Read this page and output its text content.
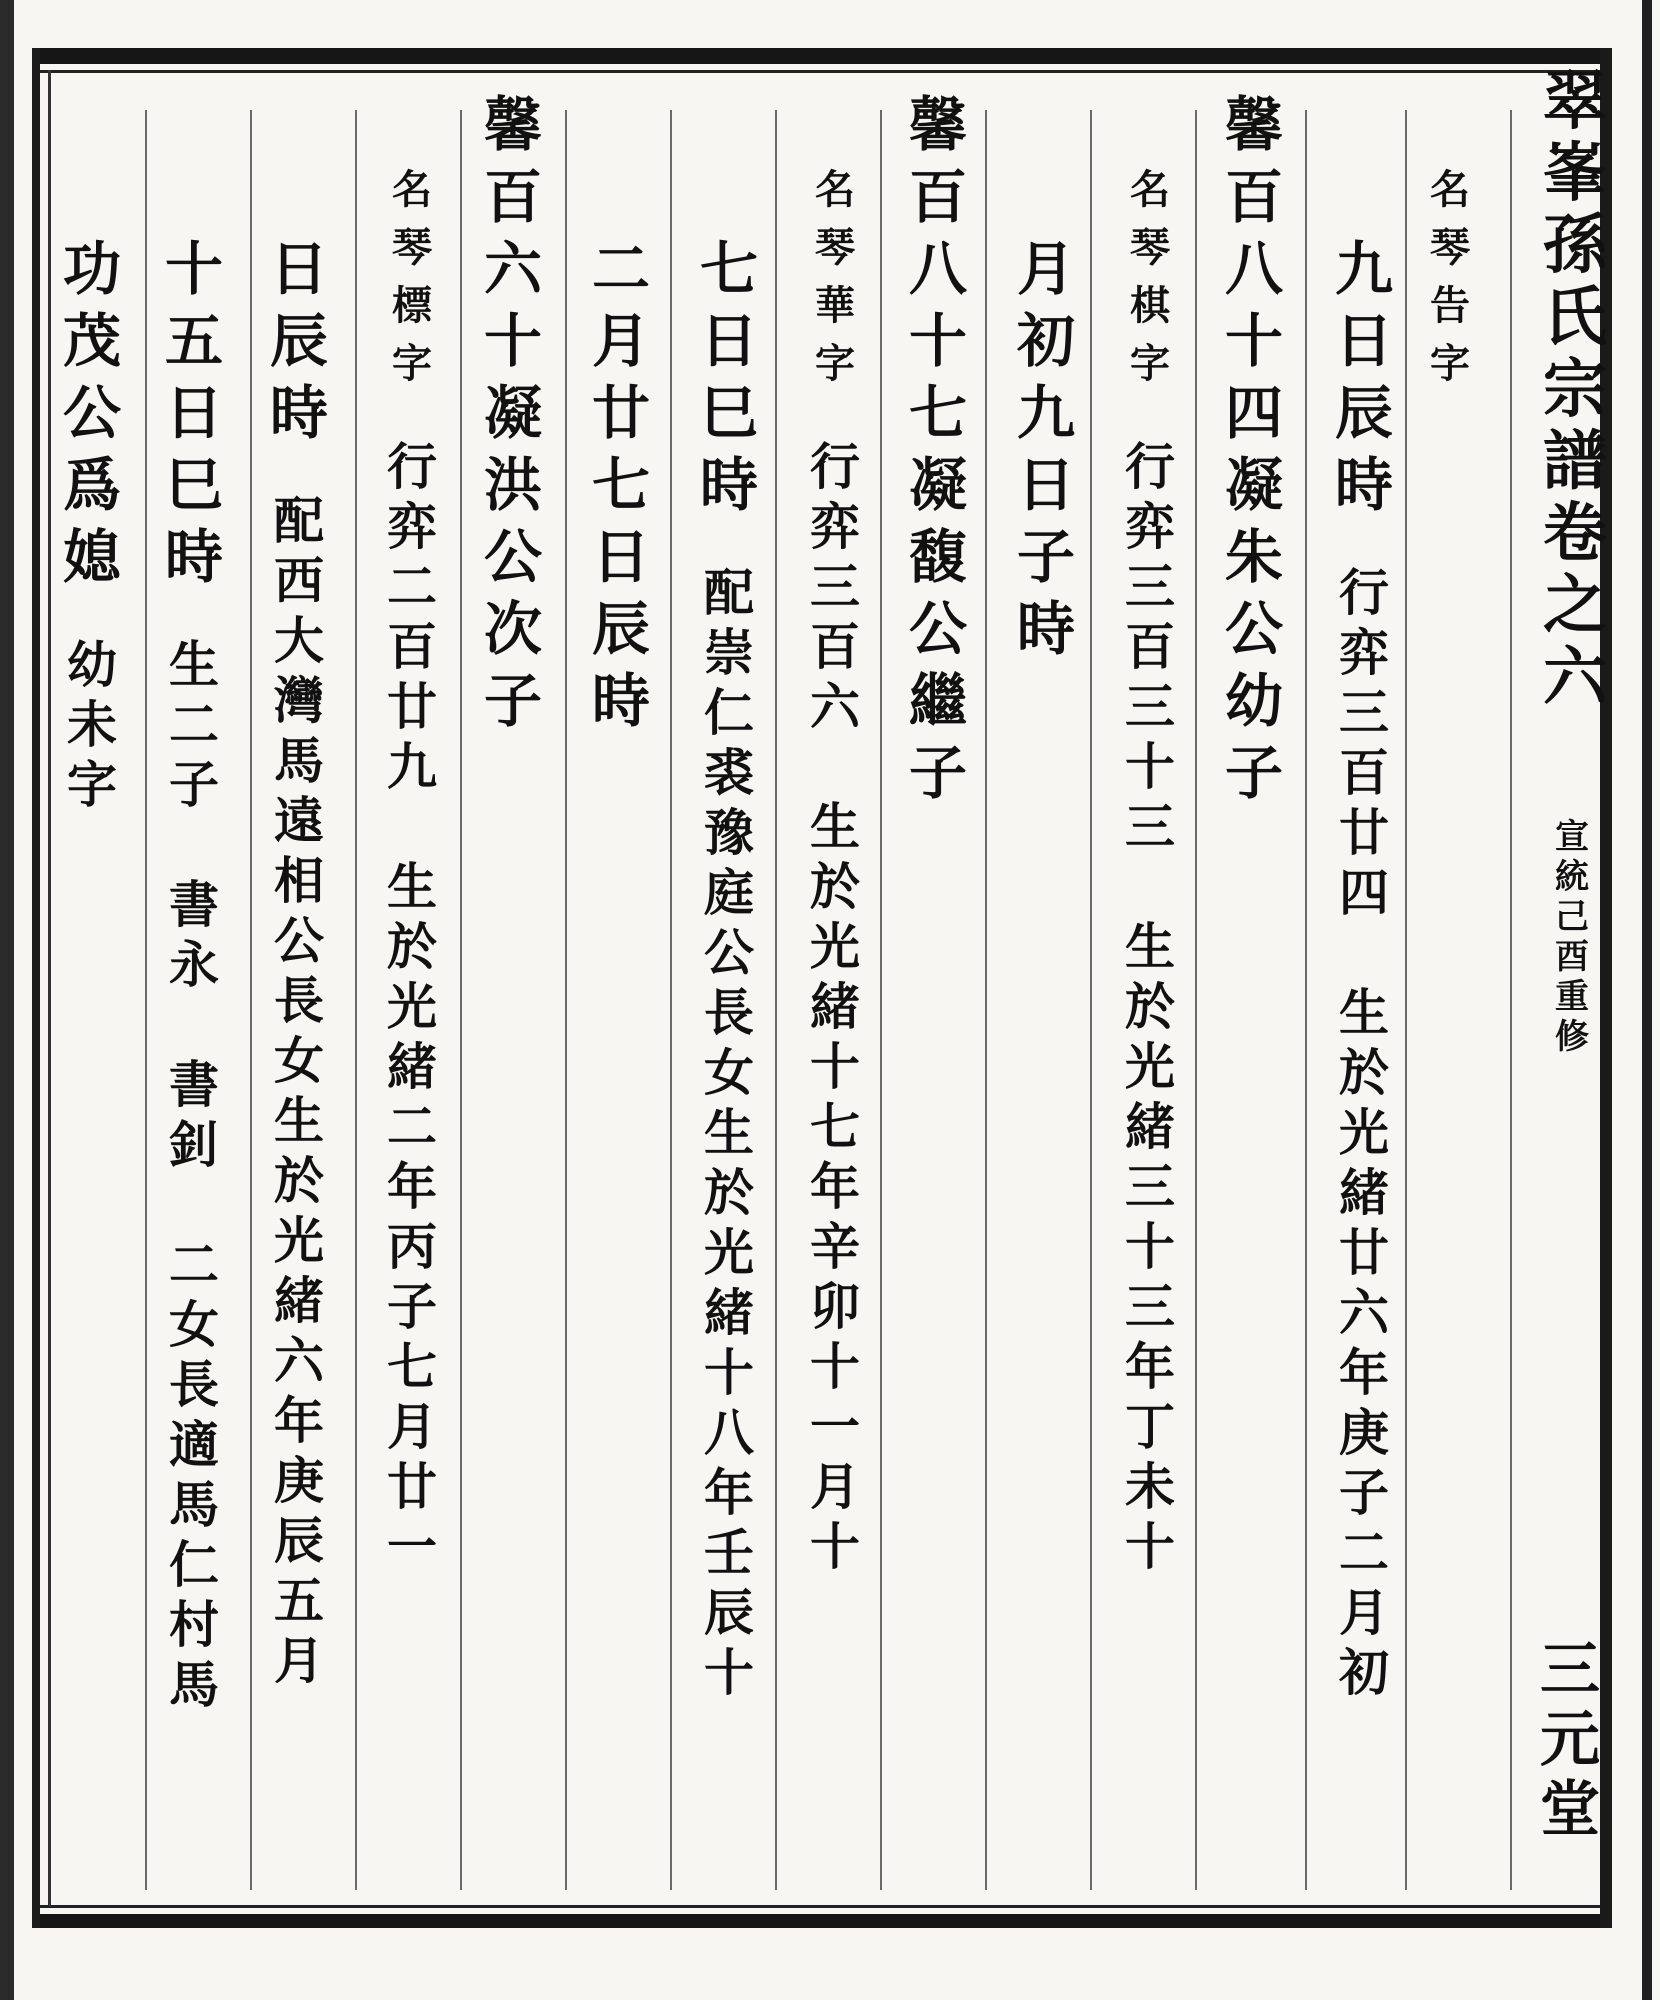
翠
峯
孫
氏
宗
譜
卷
之
六
宣
統
己
酉
重
修
三
元
堂
名
琴
告
字
九
日
辰
時
行
弈
三
百
廿
四
生
於
光
緒
廿
六
年
庚
子
二
月
初
馨
百
八
十
四
凝
朱
公
幼
子
名
琴
棋
字
行
弈
三
百
三
十
三
生
於
光
緒
三
十
三
年
丁
未
十
月
初
九
日
子
時
馨
百
八
十
七
凝
馥
公
繼
子
名
琴
華
字
行
弈
三
百
六
生
於
光
緒
十
七
年
辛
卯
十
一
月
十
七
日
巳
時
配
崇
仁
裘
豫
庭
公
長
女
生
於
光
緒
十
八
年
壬
辰
十
二
月
廿
七
日
辰
時
馨
百
六
十
凝
洪
公
次
子
名
琴
標
字
行
弈
二
百
廿
九
生
於
光
緒
二
年
丙
子
七
月
廿
一
日
辰
時
配
西
大
灣
馬
遠
相
公
長
女
生
於
光
緒
六
年
庚
辰
五
月
十
五
日
巳
時
生
二
子
書
永
書
釗
二
女
長
適
馬
仁
村
馬
功
茂
公
爲
媳
幼
未
字
